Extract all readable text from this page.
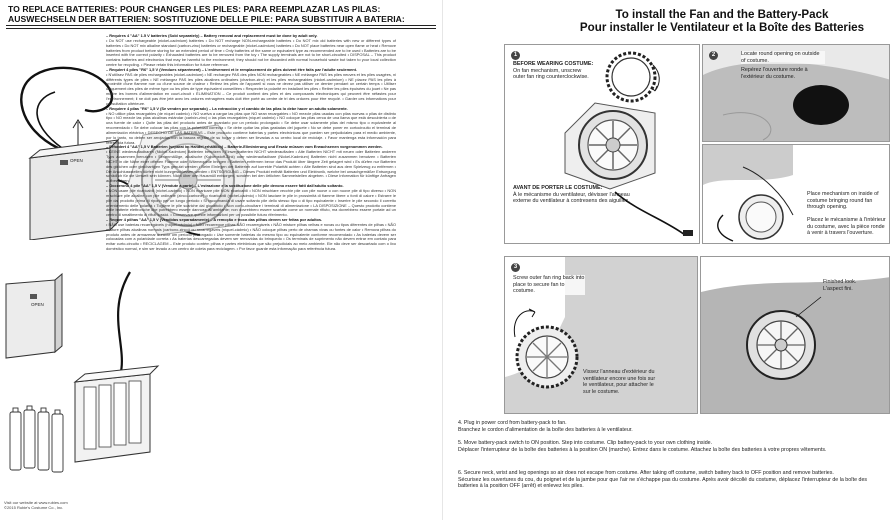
TO REPLACE BATTERIES: POUR CHANGER LES PILES: PARA REEMPLAZAR LAS PILAS:
AUSWECHSELN DER BATTERIEN: SOSTITUZIONE DELLE PILE: PARA SUBSTITUIR A BATERIA:
OPEN
OPEN

– Requires 4 "AA" 1.5 V batteries (Sold separately) – Battery removal and replacement must be done by adult only.

• Do NOT use rechargeable (nickel-cadmium) batteries • Do NOT recharge NON-rechargeable batteries • Do NOT mix old batteries with new or different types of batteries • Do NOT mix alkaline standard (carbon-zinc) batteries or rechargeable (nickel-cadmium) batteries • Do NOT place batteries near open flame or heat • Remove batteries from product before storing for an extended period of time • Only batteries of the same or equivalent type as recommended are to be used • Batteries are to be inserted with the correct polarity • Exhausted batteries are to be removed from the toy • The supply terminals are not to be short-circuited • DISPOSAL – This product contains batteries and electronics that may be harmful to the environment; they should not be discarded with normal household waste but taken to your local collection centre for recycling. • Please retain this information for future reference.

– Requiert 4 piles "R6" 1,5 V (Vendues séparément) – L'enlèvement et le remplacement de piles doivent être faits par l'adulte seulement.

• N'utilisez PAS de piles rechargeables (nickel-cadmium) • NE rechargez PAS des piles NON rechargeables • NE mélangez PAS les piles neuves et les piles usagées, ni différents types de piles • NE mélangez PAS les piles alcalines ordinaires (charbon-zinc) et les piles rechargeables (nickel-cadmium) • NE placez PAS les piles à proximité d'une flamme nue ou d'une source de chaleur • Retirez les piles de l'appareil si vous ne devez pas utiliser ce dernier pendant un certain temps • Utiliser uniquement des piles de même type ou les piles de type équivalent conseillées • Respecter la polarité en installant les piles • Retirer les piles épuisées du jouet • Ne pas mettre les bornes d'alimentation en court-circuit • ÉLIMINATION – Ce produit contient des piles et des composants électroniques qui peuvent être néfastes pour l'environnement; il ne doit pas être jeté avec les ordures ménagères mais doit être porté au centre de tri des ordures pour être recyclé. • Garder ces informations pour consultation ultérieure.

– Requiere 4 pilas "R6" 1,5 V (Se venden por separado) – La extracción y el cambio de las pilas lo debe hacer un adulto solamente.

• NO utilice pilas recargables (de níquel cadmio) • NO vuelva a cargar las pilas que NO sean recargables • NO mezcle pilas usadas con pilas nuevas o pilas de distinto tipo • NO mezcle las pilas alcalinas estándar (carbón-zinc) o las pilas recargables (níquel cadmio) • NO coloque las pilas cerca de una llama que está descubierta o de una fuente de calor • Quite las pilas del producto antes de guardarlo por un periodo prolongado • Se debe usar solamente pilas del mismo tipo o equivalente al recomendado • Se debe colocar las pilas con la polaridad correcta • Se debe quitar las pilas gastadas del juguete • No se debe poner en cortocircuito el terminal de alimentación eléctrica • DESECHO DE LAS BATERÍAS – Este producto contiene baterías y partes electrónicas que pueden ser perjudiciales para el medio ambiente, por lo tanto, no deben ser arrojadas con la basura regular de su hogar y deben ser llevadas a su centro local de reciclaje. • Favor mantenga esta información para referencia futura.

– Erfordert 4 "AA" 1,5 V Batterien (separat im Handel erhältlich) – Batterie-Eliminierung und Ersatz müssen vom Erwachsenen vorgenommen werden.

• KEINE wiederaufladbaren (Nickel-Kadmium) Batterien benutzen • Einwegbatterien NICHT wiederaufladen • Alte Batterien NICHT mit neuen oder Batterien anderen Typs zusammen benutzen • Serienmäßige, alkalische (Kohlenstoff-Zink) oder wiederaufladbare (Nickel-Kadmium) Batterien nicht zusammen benutzen • Batterien NICHT in die Nähe einer offenen Flamme oder Wärmequelle bringen • Batterien entfernen bevor das Produkt über längere Zeit gelagert wird • Es dürfen nur Batterien des gleichen oder gleichartigen Typs genutzt werden • Beim Einlegen der Batterien auf korrekte Polarität achten • Alte Batterien sind aus dem Spielzeug zu entfernen • Die Anschlussstellen dürfen nicht kurzgeschlossen werden • ENTSORGUNG – Dieses Produkt enthält Batterien und Elektronik, welche bei unsachgemäßer Entsorgung schädlich für die Umwelt sein können. Nicht über den Hausmüll entsorgen, sondern bei den örtlichen Sammelstellen abgeben. • Diese Information für künftige Anfragen aufbewahren.

– Occorrono 4 pile "AA" 1,5 V (Vendute a parte) – L'estrazione e la sostituzione delle pile devono essere fatti dall'adulto soltanto.

• NON usare pile ricaricabili (nichel-cadmio) • NON ricaricare pile NON ricaricabili • NON mischiare vecchie pile con pile nuove o con nuove pile di tipo diverso • NON mischiare pile alcaline con pile ordinarie (zinco-carbone) o ricaricabili (nichel-cadmio) • NON lasciare le pile in prossimità di fiamme libere o fonti di calore • Estrarre le pile dal prodotto prima di riporlo per un lungo periodo • Si raccomanda di usare soltanto pile dello stesso tipo o di tipo equivalente • Inserire le pile secondo il corretto orientamento delle polarità • Togliere le pile scariche dal giocattolo • Non corto-circuitare i terminali di alimentazione • LA DISPOSIZIONE – Questo prodotto contiene delle batterie elettroniche che potrebbero essere dannose all'ambiente; non dovrebbero essere scartate come un normale rifiuto, ma dovrebbero essere portate ad un centro di smaltimento di rifiuti tossici. • Conservare queste informazioni per un possibile futuro riferimento.

– Requer 4 pilhas "AA" 1,5 V (Vendidas separadamente) – A remoção e troca das pilhas devem ser feitas por adultos.

• NÃO use baterias recarregáveis (níquel-cádmio) • NÃO recarregue pilhas NÃO recarregáveis • NÃO misture pilhas velhas e novas ou tipos diferentes de pilhas • NÃO misture pilhas alcalinas normais (carbono-zinco) ou recarregáveis (níquel-cádmio) • NÃO coloque pilhas perto de chamas vivas ou fontes de calor • Remova pilhas do produto antes de armazenar durante um período prolongado • Use somente baterias do mesmo tipo ou equivalente conforme recomendado • As baterias devem ser colocadas com a polaridade correta • As baterias descarregadas devem ser removidas do brinquedo • Os terminais de suprimento não devem entrar em contato para evitar curto-circuito • RECICLAGEM – Este produto contém pilhas e partes eletrônicas que são prejudiciais ao meio ambiente. Ele não deve ser descartado com o lixo doméstico normal, e sim ser levado a um centro de coleta para reciclagem. • Por favor guarde esta informação para referência futura.

Visit our website at www.rubies.com
©2015 Rubie's Costume Co., Inc.
To install the Fan and the Battery-Pack
Pour installer le Ventilateur et la Boîte des Batteries
1
BEFORE WEARING COSTUME:
On fan mechanism, unscrew outer fan ring counterclockwise.
AVANT DE PORTER LE COSTUME:
À le mécanisme du ventilateur, dévisser l'anneau externe du ventilateur à contresens des aiguilles.
2	Locate round opening on outside of costume.
Repérez l'ouverture ronde à l'extérieur du costume.
Place mechanism on inside of costume bringing round fan through opening.
Placez le mécanisme à l'intérieur du costume, avec la pièce ronde à venir à travers l'ouverture.
3
Screw outer fan ring back into place to secure fan to costume.
Vissez l'anneau d'extérieur du ventilateur encore une fois sur le ventilateur, pour attacher le sur le costume.
Finished look.
L'aspect fini.
4. Plug in power cord from battery-pack to fan.
Branchez le cordon d'alimentation de la boîte des batteries à le ventilateur.
5. Move battery-pack switch to ON position. Step into costume. Clip battery-pack to your own clothing inside.
Déplacer l'interrupteur de la boîte des batteries à la position ON (marche). Entrez dans le costume. Attachez la boîte des batteries à votre propres vêtements.
6. Secure neck, wrist and leg openings so air does not escape from costume. After taking off costume, switch battery back to OFF position and remove batteries.
Sécurisez les ouvertures du cou, du poignet et de la jambe pour que l'air ne s'échappe pas du costume. Après avoir décollé du costume, déplacez l'interrupteur de la boîte des batteries à la position OFF (arrêt) et enlevez les piles.
